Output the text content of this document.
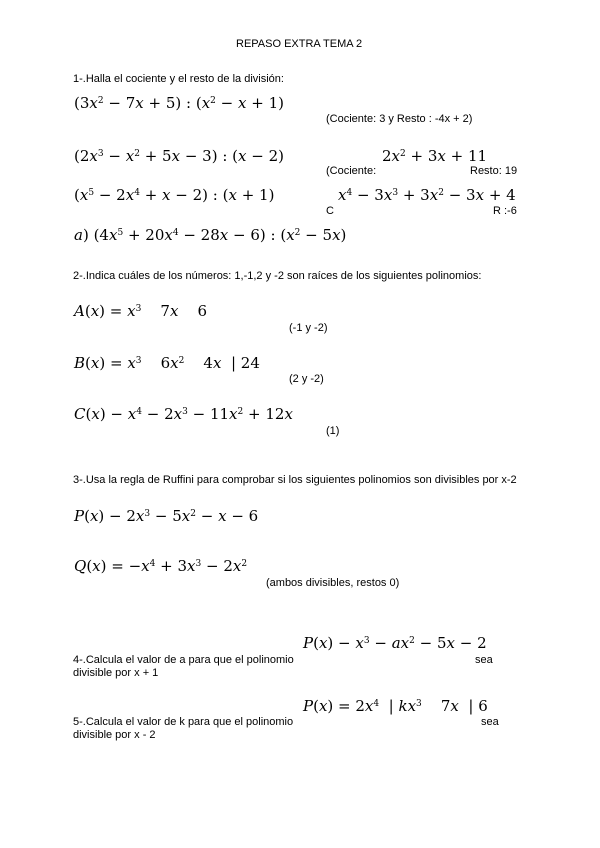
REPASO EXTRA TEMA 2
1-.Halla el cociente y el resto de la división:
$(3x^2 - 7x + 5)$ : $(x^2 - x + 1)$
(Cociente: 3 y Resto : -4x + 2)
$(2x^3 - x^2 + 5x - 3)$ : (x − 2)	$2x^2 + 3x + 11$
(Cociente:	Resto: 19
$(x^5 - 2x^4 + x - 2)$ : (x + 1)	$x^4 - 3x^3 + 3x^2 - 3x + 4$
C	R :-6
a) $(4x^5 + 20x^4 - 28x - 6)$ : $(x^2 - 5x)$
2-.Indica cuáles de los números: 1,-1,2 y -2 son raíces de los siguientes polinomios:
$A(x) = x^3$    7x    6
(-1 y -2)
$B(x) = x^3$    $6x^2$    4x  | 24
(2 y -2)
$C(x) - x^4 - 2x^3 - 11x^2 + 12x$
(1)
3-.Usa la regla de Ruffini para comprobar si los siguientes polinomios son divisibles por x-2
$P(x) - 2x^3 - 5x^2 - x - 6$
$Q(x) = -x^4 + 3x^3 - 2x^2$
(ambos divisibles, restos 0)
$P(x) - x^3 - ax^2 - 5x - 2$
4-.Calcula el valor de a para que el polinomio	sea
divisible por x + 1
$P(x) = 2x^4$  | $kx^3$    7x  | 6
5-.Calcula el valor de k para que el polinomio	sea
divisible por x - 2
